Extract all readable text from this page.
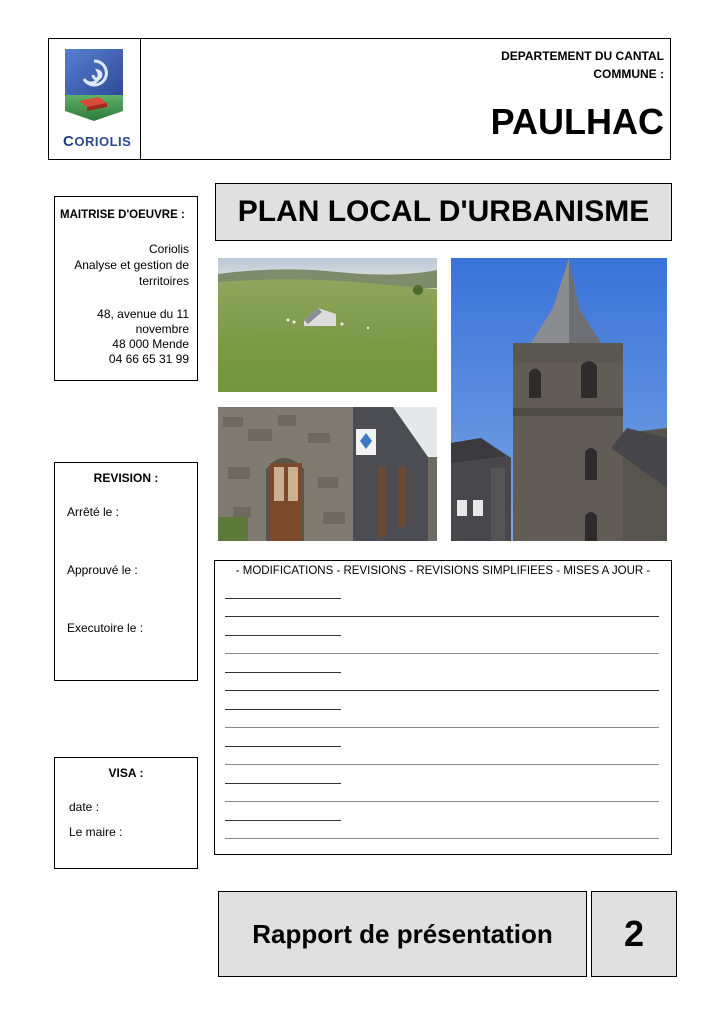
CORIOLIS
DEPARTEMENT DU CANTAL
COMMUNE :
PAULHAC
MAITRISE D'OEUVRE :
Coriolis
Analyse et gestion de territoires
48, avenue du 11 novembre
48 000 Mende
04 66 65 31 99
PLAN LOCAL D'URBANISME
REVISION :
Arrêté le :
Approuvé le :
Executoire le :
- MODIFICATIONS - REVISIONS - REVISIONS SIMPLIFIEES - MISES A JOUR -
VISA :
date :
Le maire :
Rapport de présentation	2
